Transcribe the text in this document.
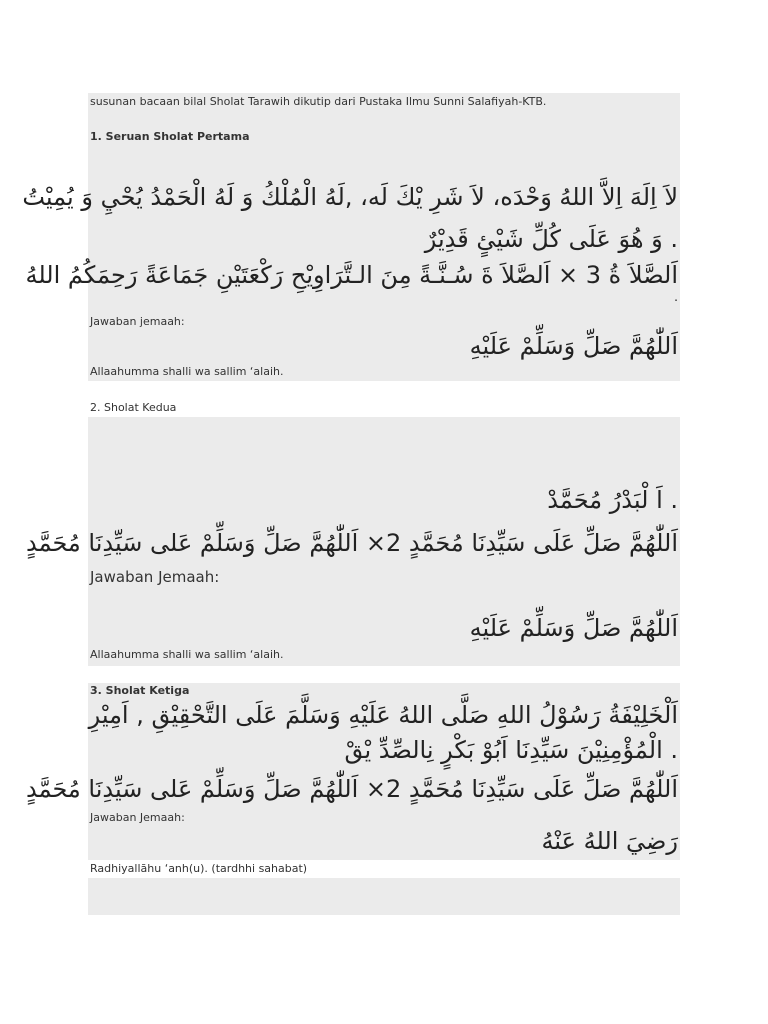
susunan bacaan bilal Sholat Tarawih dikutip dari Pustaka Ilmu Sunni Salafiyah-KTB.
1. Seruan Sholat Pertama
لاَ اِلَهَ اِلاَّ اللهُ وَحْدَه، لاَ شَرِ يْكَ لَه، ,لَهُ الْمُلْكُ وَ لَهُ الْحَمْدُ يُحْيِ وَ يُمِيْتُ
. وَ هُوَ عَلَى كُلِّ شَيْئٍ قَدِيْرٌ
اَلصَّلاَ ةُ 3 × اَلصَّلاَ ةَ سُـنَّـةً مِنَ الـتَّرَاوِيْحِ رَكْعَتَيْنِ جَمَاعَةً رَحِمَكُمُ اللهُ
.
Jawaban jemaah:
اَللّٰهُمَّ صَلِّ وَسَلِّمْ عَلَيْهِ
Allaahumma shalli wa sallim ‘alaih.
2. Sholat Kedua
. اَ لْبَدْرُ مُحَمَّدْ
اَللّٰهُمَّ صَلِّ عَلَى سَيِّدِنَا مُحَمَّدٍ 2× اَللّٰهُمَّ صَلِّ وَسَلِّمْ عَلى سَيِّدِنَا مُحَمَّدٍ
Jawaban Jemaah:
اَللّٰهُمَّ صَلِّ وَسَلِّمْ عَلَيْهِ
Allaahumma shalli wa sallim ‘alaih.
3. Sholat Ketiga
اَلْخَلِيْفَةُ رَسُوْلُ اللهِ صَلَّى اللهُ عَلَيْهِ وَسَلَّمَ عَلَى التَّحْقِيْقِ , اَمِيْرِ
. الْمُؤْمِنِيْنَ سَيِّدِنَا اَبُوْ بَكْرٍ نِالصِّدِّ يْقْ
اَللّٰهُمَّ صَلِّ عَلَى سَيِّدِنَا مُحَمَّدٍ 2× اَللّٰهُمَّ صَلِّ وَسَلِّمْ عَلى سَيِّدِنَا مُحَمَّدٍ
Jawaban Jemaah:
رَضِيَ اللهُ عَنْهُ
Radhiyallāhu ‘anh(u). (tardhhi sahabat)
